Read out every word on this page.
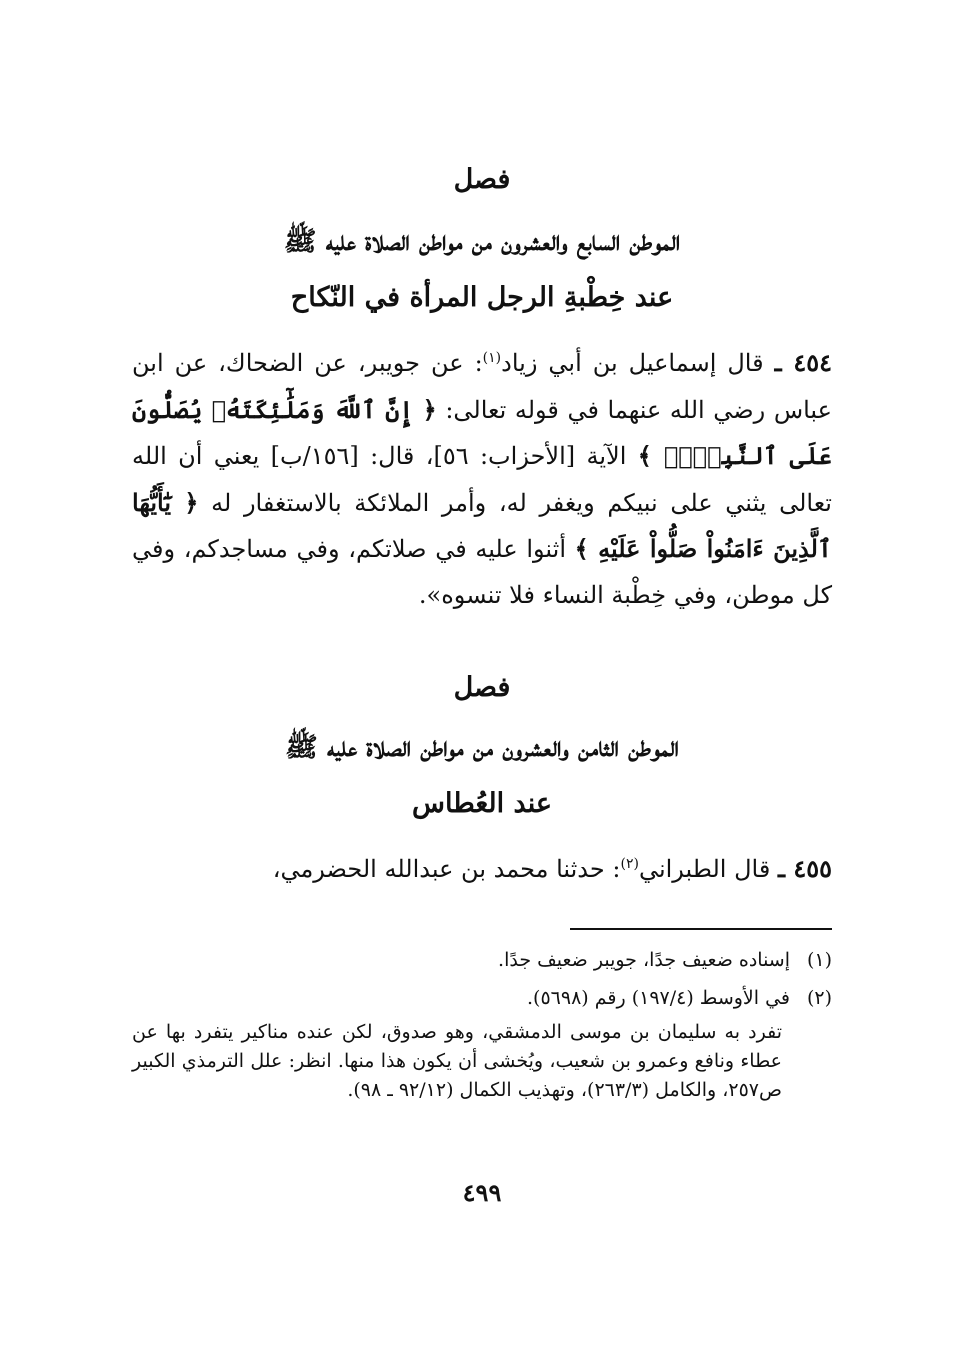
فصل
الموطن السابع والعشرون من مواطن الصلاة عليه ﷺ
عند خِطْبةِ الرجل المرأة في النّكاح
٤٥٤ ـ قال إسماعيل بن أبي زياد$^{(١)}$: عن جويبر، عن الضحاك، عن ابن عباس رضي الله عنهما في قوله تعالى: ﴿ إِنَّ ٱللَّهَ وَمَلَٰٓئِكَتَهُۥ يُصَلُّونَ عَلَى ٱلنَّبِيِّۚ ﴾ الآية [الأحزاب: ٥٦]، قال: [١٥٦/ب] يعني أن الله تعالى يثني على نبيكم ويغفر له، وأمر الملائكة بالاستغفار له ﴿ يَٰٓأَيُّهَا ٱلَّذِينَ ءَامَنُواْ صَلُّواْ عَلَيْهِ ﴾ أثنوا عليه في صلاتكم، وفي مساجدكم، وفي كل موطن، وفي خِطْبة النساء فلا تنسوه».
فصل
الموطن الثامن والعشرون من مواطن الصلاة عليه ﷺ
عند العُطاس
٤٥٥ ـ قال الطبراني$^{(٢)}$: حدثنا محمد بن عبدالله الحضرمي،
(١)إسناده ضعيف جدًا، جويبر ضعيف جدًا.
(٢)في الأوسط (١٩٧/٤) رقم (٥٦٩٨).
تفرد به سليمان بن موسى الدمشقي، وهو صدوق، لكن عنده مناكير يتفرد بها عن عطاء ونافع وعمرو بن شعيب، ويُخشى أن يكون هذا منها. انظر: علل الترمذي الكبير ص٢٥٧، والكامل (٢٦٣/٣)، وتهذيب الكمال (٩٢/١٢ ـ ٩٨).
٤٩٩
